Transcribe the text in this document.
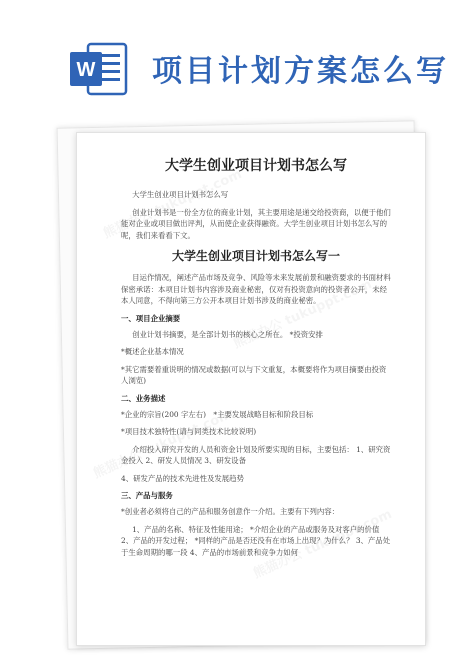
W 项目计划方案怎么写
大学生创业项目计划书怎么写

大学生创业项目计划书怎么写

创业计划书是一份全方位的商业计划，其主要用途是递交给投资商，以便于他们能对企业或项目做出评判，从而使企业获得融资。大学生创业项目计划书怎么写的呢，我们来看看下文。

大学生创业项目计划书怎么写一

目运作情况，阐述产品市场及竞争、风险等未来发展前景和融资要求的书面材料 保密承诺：本项目计划书内容涉及商业秘密，仅对有投资意向的投资者公开，未经本人同意，不得向第三方公开本项目计划书涉及的商业秘密。

一、项目企业摘要

创业计划书摘要，是全部计划书的核心之所在。 *投资安排

*概述企业基本情况

*其它需要着重说明的情况或数据(可以与下文重复，本概要将作为项目摘要由投资人浏览)

二、业务描述

*企业的宗旨(200 字左右)　*主要发展战略目标和阶段目标

*项目技术独特性(请与同类技术比较说明)

介绍投入研究开发的人员和资金计划及所要实现的目标，主要包括： 1、研究资金投入 2、研发人员情况 3、研发设备

4、研发产品的技术先进性及发展趋势

三、产品与服务

*创业者必须将自己的产品和服务创意作一介绍。主要有下列内容：

1、产品的名称、特征及性能用途； *介绍企业的产品或服务及对客户的价值 2、产品的开发过程； *同样的产品是否还没有在市场上出现？为什么？ 3、产品处于生命周期的哪一段 4、产品的市场前景和竞争力如何
